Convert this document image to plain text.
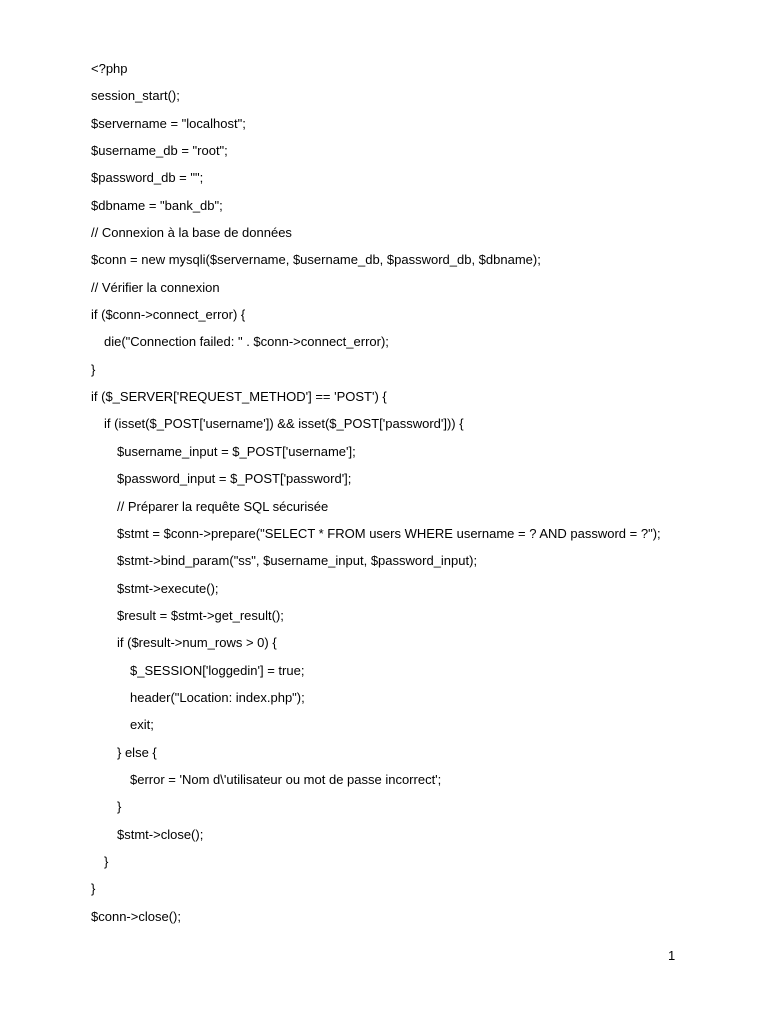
<?php
session_start();
$servername = "localhost";
$username_db = "root";
$password_db = "";
$dbname = "bank_db";
// Connexion à la base de données
$conn = new mysqli($servername, $username_db, $password_db, $dbname);
// Vérifier la connexion
if ($conn->connect_error) {
die("Connection failed: " . $conn->connect_error);
}
if ($_SERVER['REQUEST_METHOD'] == 'POST') {
if (isset($_POST['username']) && isset($_POST['password'])) {
$username_input = $_POST['username'];
$password_input = $_POST['password'];
// Préparer la requête SQL sécurisée
$stmt = $conn->prepare("SELECT * FROM users WHERE username = ? AND password = ?");
$stmt->bind_param("ss", $username_input, $password_input);
$stmt->execute();
$result = $stmt->get_result();
if ($result->num_rows > 0) {
$_SESSION['loggedin'] = true;
header("Location: index.php");
exit;
} else {
$error = 'Nom d\'utilisateur ou mot de passe incorrect';
}
$stmt->close();
}
}
$conn->close();
1
